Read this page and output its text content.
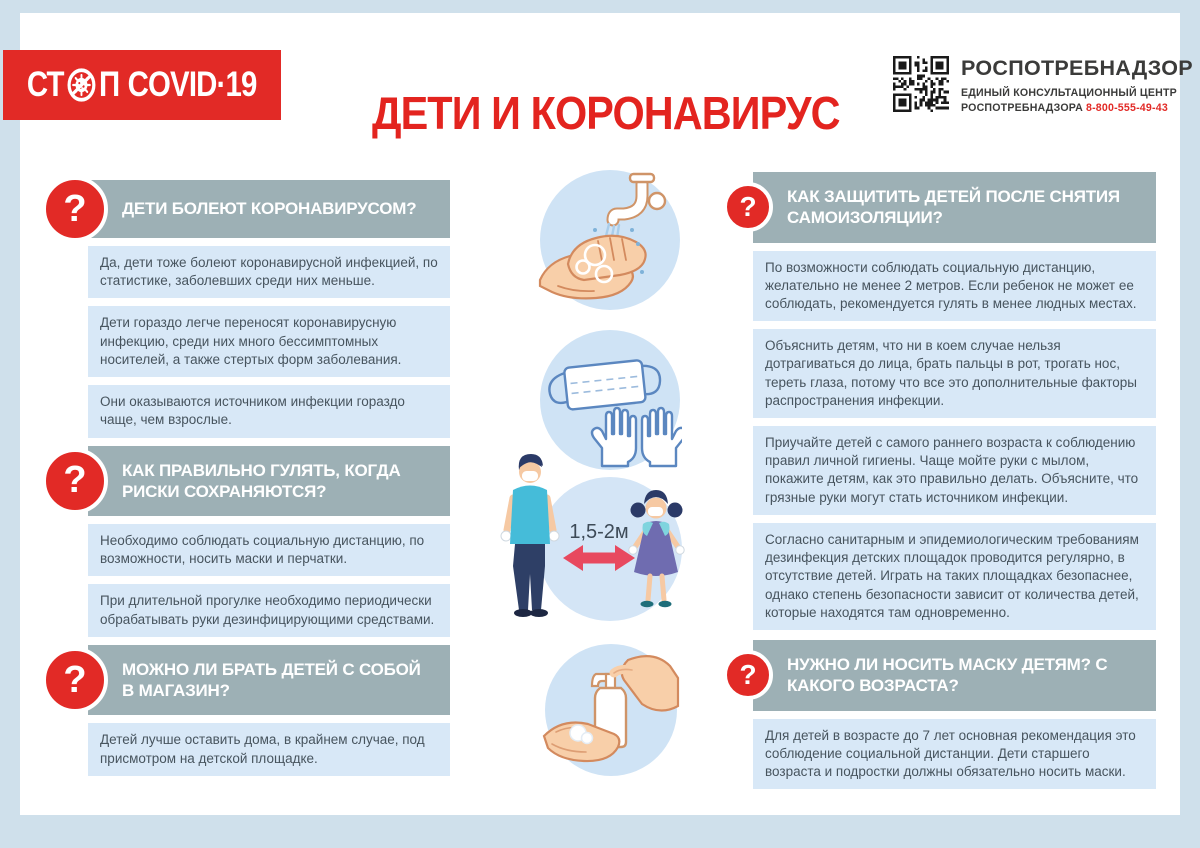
СТ П COVID·19
ДЕТИ И КОРОНАВИРУС
РОСПОТРЕБНАДЗОР
ЕДИНЫЙ КОНСУЛЬТАЦИОННЫЙ ЦЕНТР
РОСПОТРЕБНАДЗОРА 8-800-555-49-43
?	ДЕТИ БОЛЕЮТ КОРОНАВИРУСОМ?
Да, дети тоже болеют коронавирусной инфекцией, по статистике, заболевших среди них меньше.
Дети гораздо легче переносят коронавирусную инфекцию, среди них много бессимптомных носителей, а также стертых форм заболевания.
Они оказываются источником инфекции гораздо чаще, чем взрослые.
?	КАК ПРАВИЛЬНО ГУЛЯТЬ, КОГДА РИСКИ СОХРАНЯЮТСЯ?
Необходимо соблюдать социальную дистанцию, по возможности, носить маски и перчатки.
При длительной прогулке необходимо периодически обрабатывать руки дезинфицирующими средствами.
?	МОЖНО ЛИ БРАТЬ ДЕТЕЙ С СОБОЙ В МАГАЗИН?
Детей лучше оставить дома, в крайнем случае, под присмотром на детской площадке.
?	КАК ЗАЩИТИТЬ ДЕТЕЙ ПОСЛЕ СНЯТИЯ САМОИЗОЛЯЦИИ?
По возможности соблюдать социальную дистанцию, желательно не менее 2 метров. Если ребенок не может ее соблюдать, рекомендуется гулять в менее людных местах.
Объяснить детям, что ни в коем случае нельзя дотрагиваться до лица, брать пальцы в рот, трогать нос, тереть глаза, потому что все это дополнительные факторы распространения инфекции.
Приучайте детей с самого раннего возраста к соблюдению правил личной гигиены. Чаще мойте руки с мылом, покажите детям, как это правильно делать. Объясните, что грязные руки могут стать источником инфекции.
Согласно санитарным и эпидемиологическим требованиям дезинфекция детских площадок проводится регулярно, в отсутствие детей. Играть на таких площадках безопаснее, однако степень безопасности зависит от количества детей, которые находятся там одновременно.
?	НУЖНО ЛИ НОСИТЬ МАСКУ ДЕТЯМ? С КАКОГО ВОЗРАСТА?
Для детей в возрасте до 7 лет основная рекомендация это соблюдение социальной дистанции. Дети старшего возраста и подростки должны обязательно носить маски.
1,5-2м
